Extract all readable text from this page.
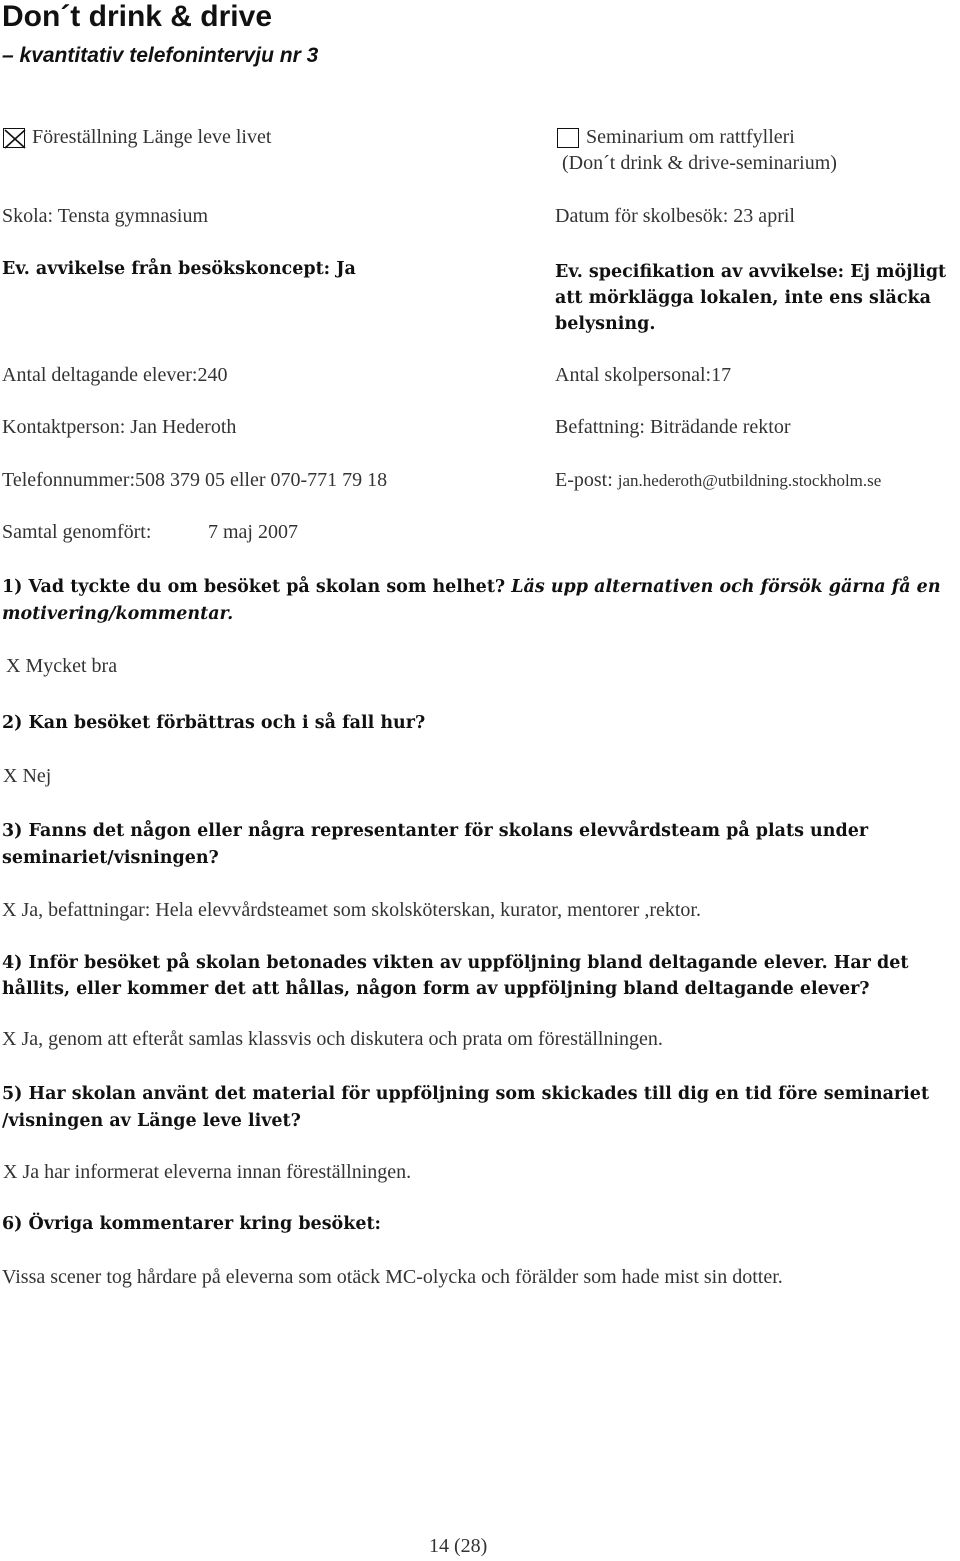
Don´t drink & drive
– kvantitativ telefonintervju nr 3
Föreställning Länge leve livet	Seminarium om rattfylleri
(Don´t drink & drive-seminarium)
Skola: Tensta gymnasium	Datum för skolbesök: 23 april
Ev. avvikelse från besökskoncept: Ja	Ev. specifikation av avvikelse: Ej möjligt att mörklägga lokalen, inte ens släcka belysning.
Antal deltagande elever:240	Antal skolpersonal:17
Kontaktperson: Jan Hederoth	Befattning: Biträdande rektor
Telefonnummer:508 379 05 eller 070-771 79 18	E-post: jan.hederoth@utbildning.stockholm.se
Samtal genomfört:	7 maj 2007
1) Vad tyckte du om besöket på skolan som helhet? Läs upp alternativen och försök gärna få en motivering/kommentar.
X Mycket bra
2) Kan besöket förbättras och i så fall hur?
X Nej
3) Fanns det någon eller några representanter för skolans elevvårdsteam på plats under seminariet/visningen?
X Ja, befattningar: Hela elevvårdsteamet som skolsköterskan, kurator, mentorer ,rektor.
4) Inför besöket på skolan betonades vikten av uppföljning bland deltagande elever. Har det hållits, eller kommer det att hållas, någon form av uppföljning bland deltagande elever?
X Ja, genom att efteråt samlas klassvis och diskutera och prata om föreställningen.
5) Har skolan använt det material för uppföljning som skickades till dig en tid före seminariet /visningen av Länge leve livet?
X Ja har informerat eleverna innan föreställningen.
6) Övriga kommentarer kring besöket:
Vissa scener tog hårdare på eleverna som otäck MC-olycka och förälder som hade mist sin dotter.
14 (28)
